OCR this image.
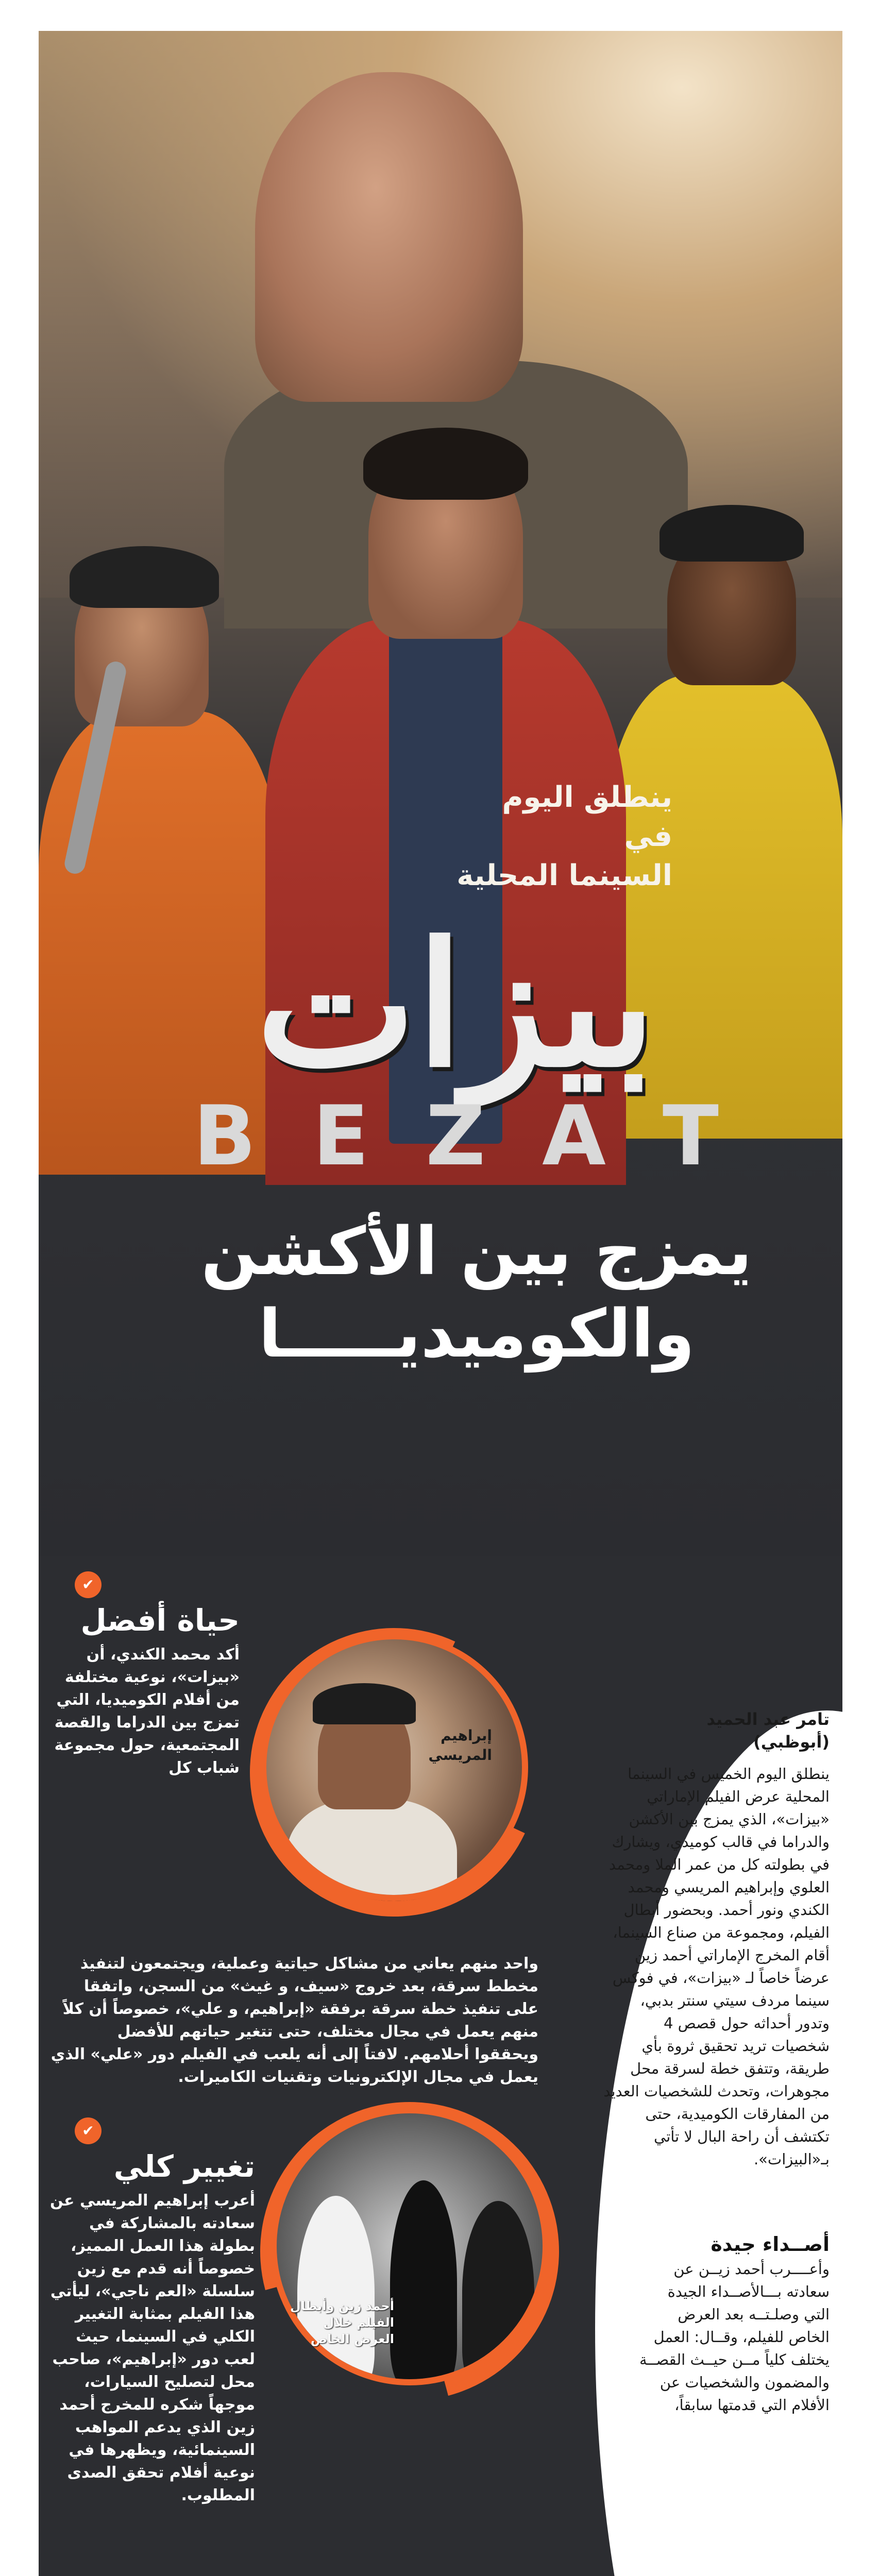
ينطلق اليوم في
السينما المحلية
بيزات
B E Z A T
يمزج بين الأكشن
والكوميديـــــا
إبراهيم
المريسي
أحمد زين وأبطال الفيلم خلال العرض الخاص
✔
حياة أفضل
أكد محمد الكندي، أن «بيزات»، نوعية مختلفة من أفلام الكوميديا، التي تمزج بين الدراما والقصة المجتمعية، حول مجموعة شباب كل
واحد منهم يعاني من مشاكل حياتية وعملية، ويجتمعون لتنفيذ مخطط سرقة، بعد خروج «سيف، و غيث» من السجن، واتفقا على تنفيذ خطة سرقة برفقة «إبراهيم، و علي»، خصوصاً أن كلاً منهم يعمل في مجال مختلف، حتى تتغير حياتهم للأفضل ويحققوا أحلامهم. لافتاً إلى أنه يلعب في الفيلم دور «علي» الذي يعمل في مجال الإلكترونيات وتقنيات الكاميرات.
✔
تغيير كلي
أعرب إبراهيم المريسي عن سعادته بالمشاركة في بطولة هذا العمل المميز، خصوصاً أنه قدم مع زين سلسلة «العم ناجي»، ليأتي هذا الفيلم بمثابة التغيير الكلي في السينما، حيث لعب دور «إبراهيم»، صاحب محل لتصليح السيارات، موجهاً شكره للمخرج أحمد زين الذي يدعم المواهب السينمائية، ويظهرها في نوعية أفلام تحقق الصدى المطلوب.
تامر عبد الحميد
(أبوظبي)
ينطلق اليوم الخميس في السينما المحلية عرض الفيلم الإماراتي «بيزات»، الذي يمزج بين الأكشن والدراما في قالب كوميدي، ويشارك في بطولته كل من عمر الملا ومحمد العلوي وإبراهيم المريسي ومحمد الكندي ونور أحمد. وبحضور أبطال الفيلم، ومجموعة من صناع السينما، أقام المخرج الإماراتي أحمد زين عرضاً خاصاً لـ «بيزات»، في فوكس سينما مردف سيتي سنتر بدبي، وتدور أحداثه حول قصص 4 شخصيات تريد تحقيق ثروة بأي طريقة، وتتفق خطة لسرقة محل مجوهرات، وتحدث للشخصيات العديد من المفارقات الكوميدية، حتى تكتشف أن راحة البال لا تأتي بـ«البيزات».
أصــداء جيدة
وأعــــرب أحمد زيــن عن سعادته بـــالأصــداء الجيدة التي وصلـتــه بعد العرض الخاص للفيلم، وقــال: العمل يختلف كلياً مــن حيــث القصــة والمضمون والشخصيات عن الأفلام التي قدمتها سابقاً،
